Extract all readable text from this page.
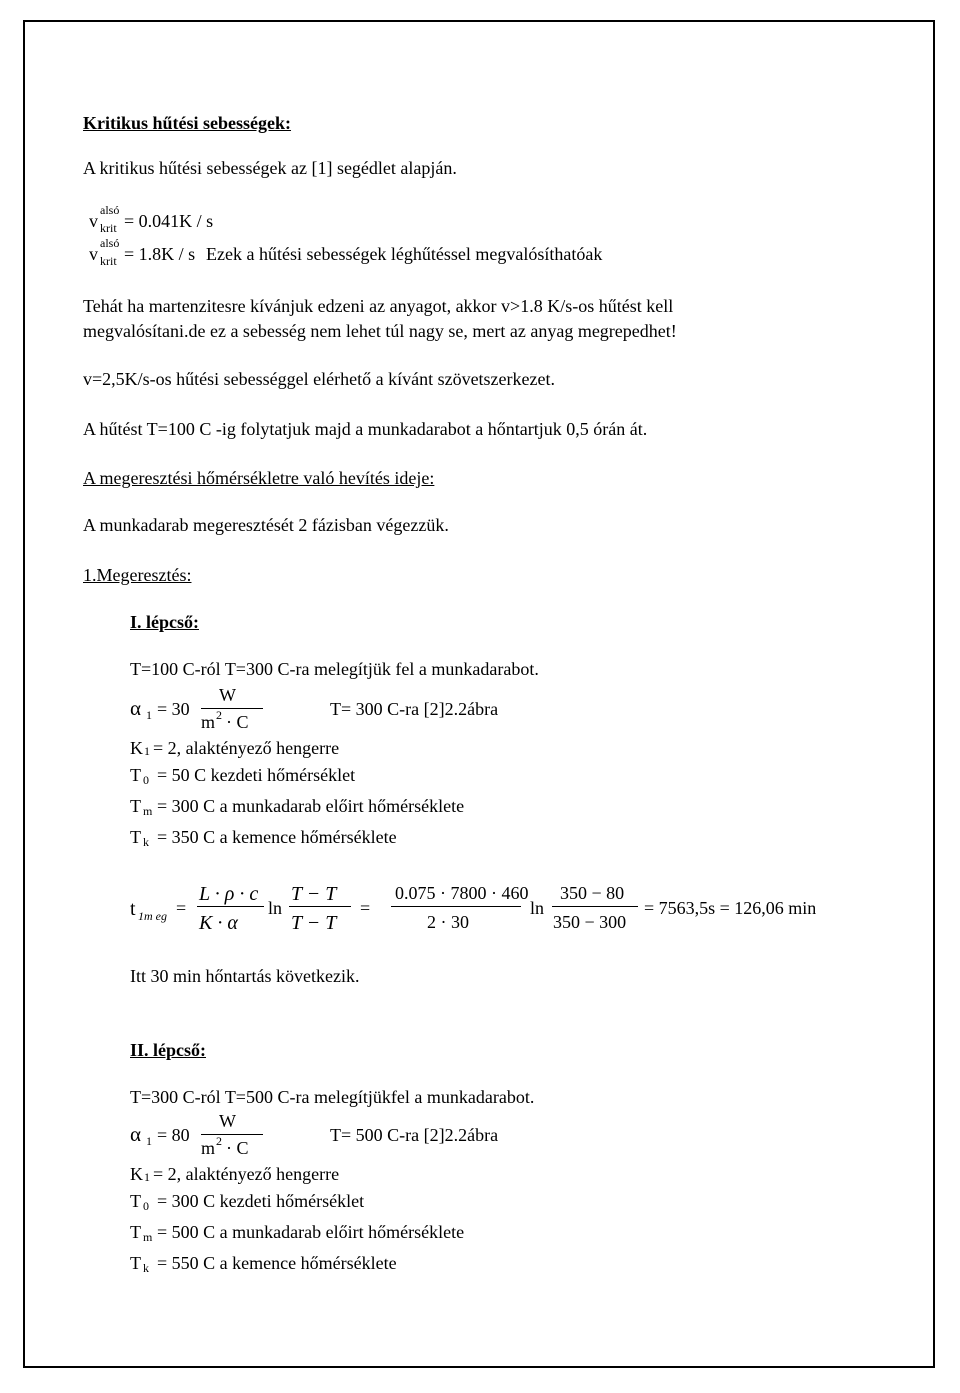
Kritikus hűtési sebességek:
A kritikus hűtési sebességek az [1] segédlet alapján.
alsó
krit
v = 0.041K / s
alsó
krit
v = 1.8K / s Ezek a hűtési sebességek léghűtéssel megvalósíthatóak
Tehát ha martenzitesre kívánjuk edzeni az anyagot, akkor v>1.8 K/s-os hűtést kell
megvalósítani.de ez a sebesség nem lehet túl nagy se, mert az anyag megrepedhet!
v=2,5K/s-os hűtési sebességgel elérhető a kívánt szövetszerkezet.
A hűtést T=100 C -ig folytatjuk majd a munkadarabot a hőntartjuk 0,5 órán át.
A megeresztési hőmérsékletre való hevítés ideje:
A munkadarab megeresztését 2 fázisban végezzük.
1.Megeresztés:
I. lépcső:
T=100 C-ról T=300 C-ra melegítjük fel a munkadarabot.
α 1 = 30
W
m 2 · C
T= 300 C-ra [2]2.2ábra
K 1 = 2, alaktényező hengerre
T 0 = 50 C kezdeti hőmérséklet
T m = 300 C a munkadarab előirt hőmérséklete
T k = 350 C a kemence hőmérséklete
t 1m eg =
L · ρ · c
K · α
ln
T − T
T − T
=
0.075 · 7800 · 460
2 · 30
ln
350 − 80
350 − 300
= 7563,5s = 126,06 min
Itt 30 min hőntartás következik.
II. lépcső:
T=300 C-ról T=500 C-ra melegítjükfel a munkadarabot.
α 1 = 80
W
m 2 · C
T= 500 C-ra [2]2.2ábra
K 1 = 2, alaktényező hengerre
T 0 = 300 C kezdeti hőmérséklet
T m = 500 C a munkadarab előirt hőmérséklete
T k = 550 C a kemence hőmérséklete
